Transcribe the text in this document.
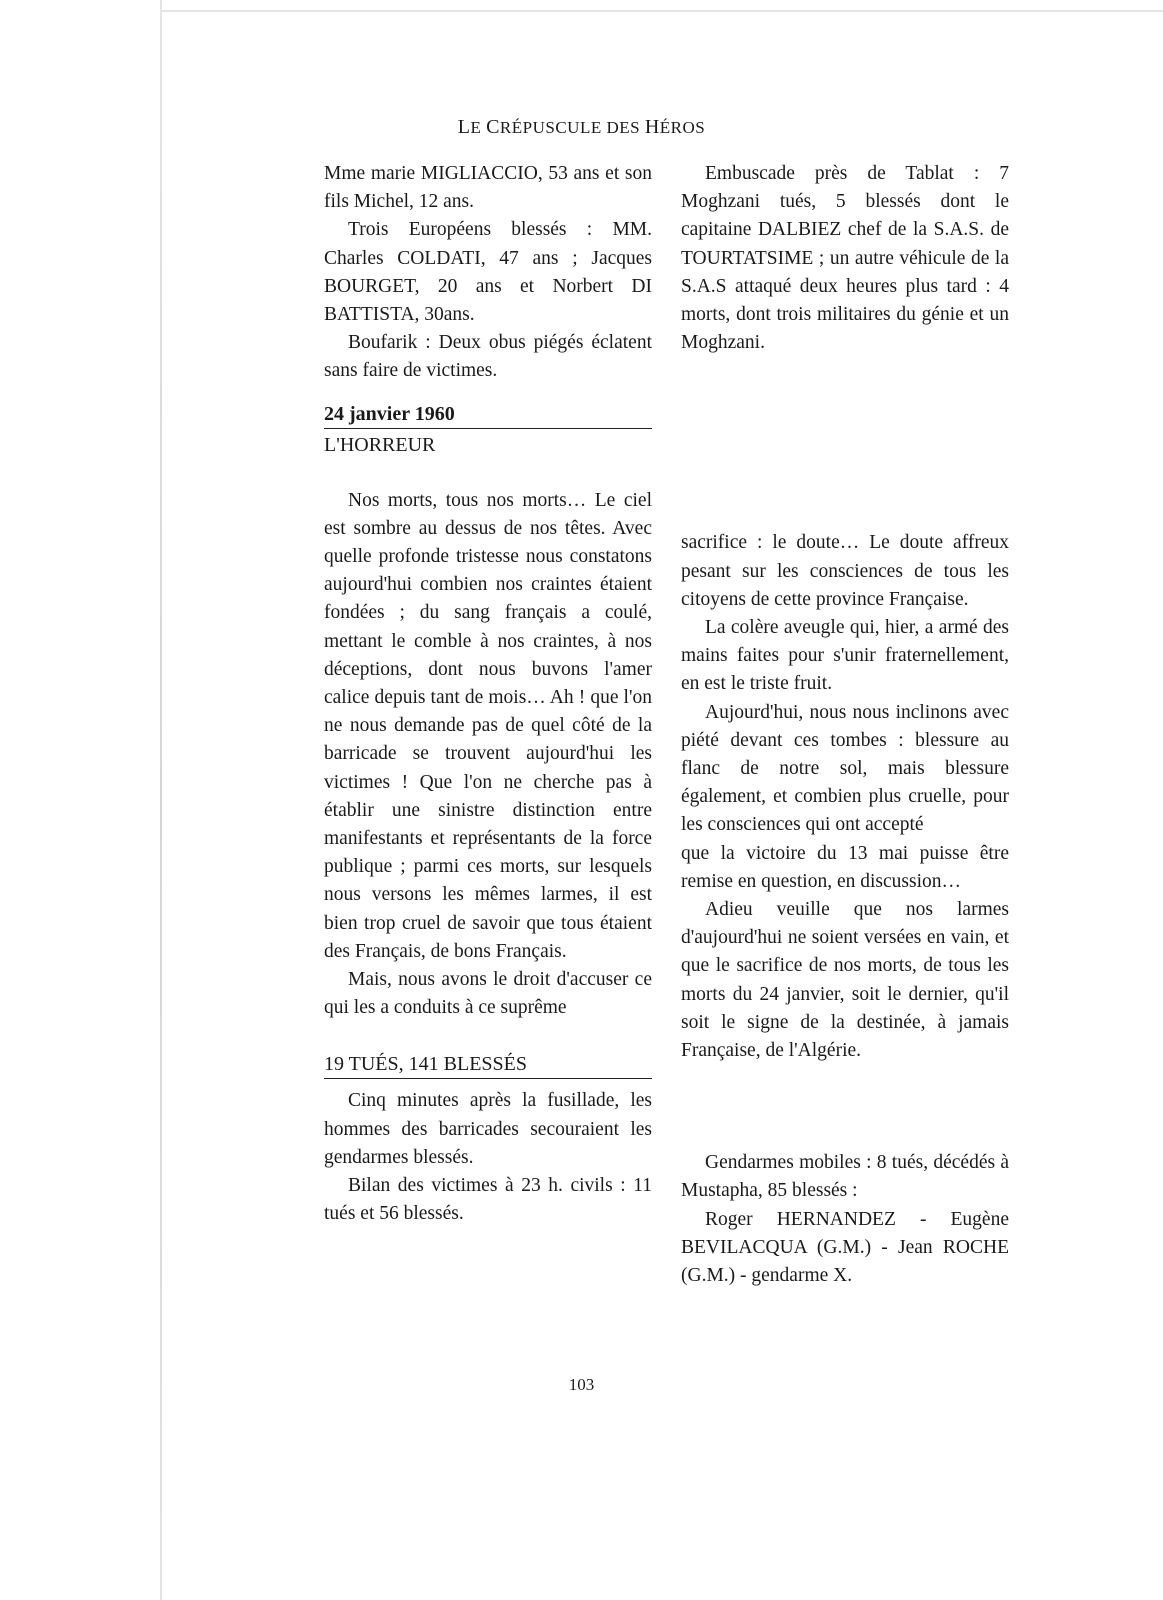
LE CRÉPUSCULE DES HÉROS

Mme marie MIGLIACCIO, 53 ans et son fils Michel, 12 ans.

Trois Européens blessés : MM. Charles COLDATI, 47 ans ; Jacques BOURGET, 20 ans et Norbert DI BATTISTA, 30ans.

Boufarik : Deux obus piégés éclatent sans faire de victimes.

24 janvier 1960

L'HORREUR

Nos morts, tous nos morts… Le ciel est sombre au dessus de nos têtes. Avec quelle profonde tristesse nous constatons aujourd'hui combien nos craintes étaient fondées ; du sang français a coulé, mettant le comble à nos craintes, à nos déceptions, dont nous buvons l'amer calice depuis tant de mois… Ah ! que l'on ne nous demande pas de quel côté de la barricade se trouvent aujourd'hui les victimes ! Que l'on ne cherche pas à établir une sinistre distinction entre manifestants et représentants de la force publique ; parmi ces morts, sur lesquels nous versons les mêmes larmes, il est bien trop cruel de savoir que tous étaient des Français, de bons Français.

Mais, nous avons le droit d'accuser ce qui les a conduits à ce suprême

19 TUÉS, 141 BLESSÉS

Cinq minutes après la fusillade, les hommes des barricades secouraient les gendarmes blessés.

Bilan des victimes à 23 h. civils : 11 tués et 56 blessés.

Embuscade près de Tablat : 7 Moghzani tués, 5 blessés dont le capitaine DALBIEZ chef de la S.A.S. de TOURTATSIME ; un autre véhicule de la S.A.S attaqué deux heures plus tard : 4 morts, dont trois militaires du génie et un Moghzani.

sacrifice : le doute… Le doute affreux pesant sur les consciences de tous les citoyens de cette province Française.

La colère aveugle qui, hier, a armé des mains faites pour s'unir fraternellement, en est le triste fruit.

Aujourd'hui, nous nous inclinons avec piété devant ces tombes : blessure au flanc de notre sol, mais blessure également, et combien plus cruelle, pour les consciences qui ont accepté

que la victoire du 13 mai puisse être remise en question, en discussion…

Adieu veuille que nos larmes d'aujourd'hui ne soient versées en vain, et que le sacrifice de nos morts, de tous les morts du 24 janvier, soit le dernier, qu'il soit le signe de la destinée, à jamais Française, de l'Algérie.

Gendarmes mobiles : 8 tués, décédés à Mustapha, 85 blessés :

Roger HERNANDEZ - Eugène BEVILACQUA (G.M.) - Jean ROCHE (G.M.) - gendarme X.

103
